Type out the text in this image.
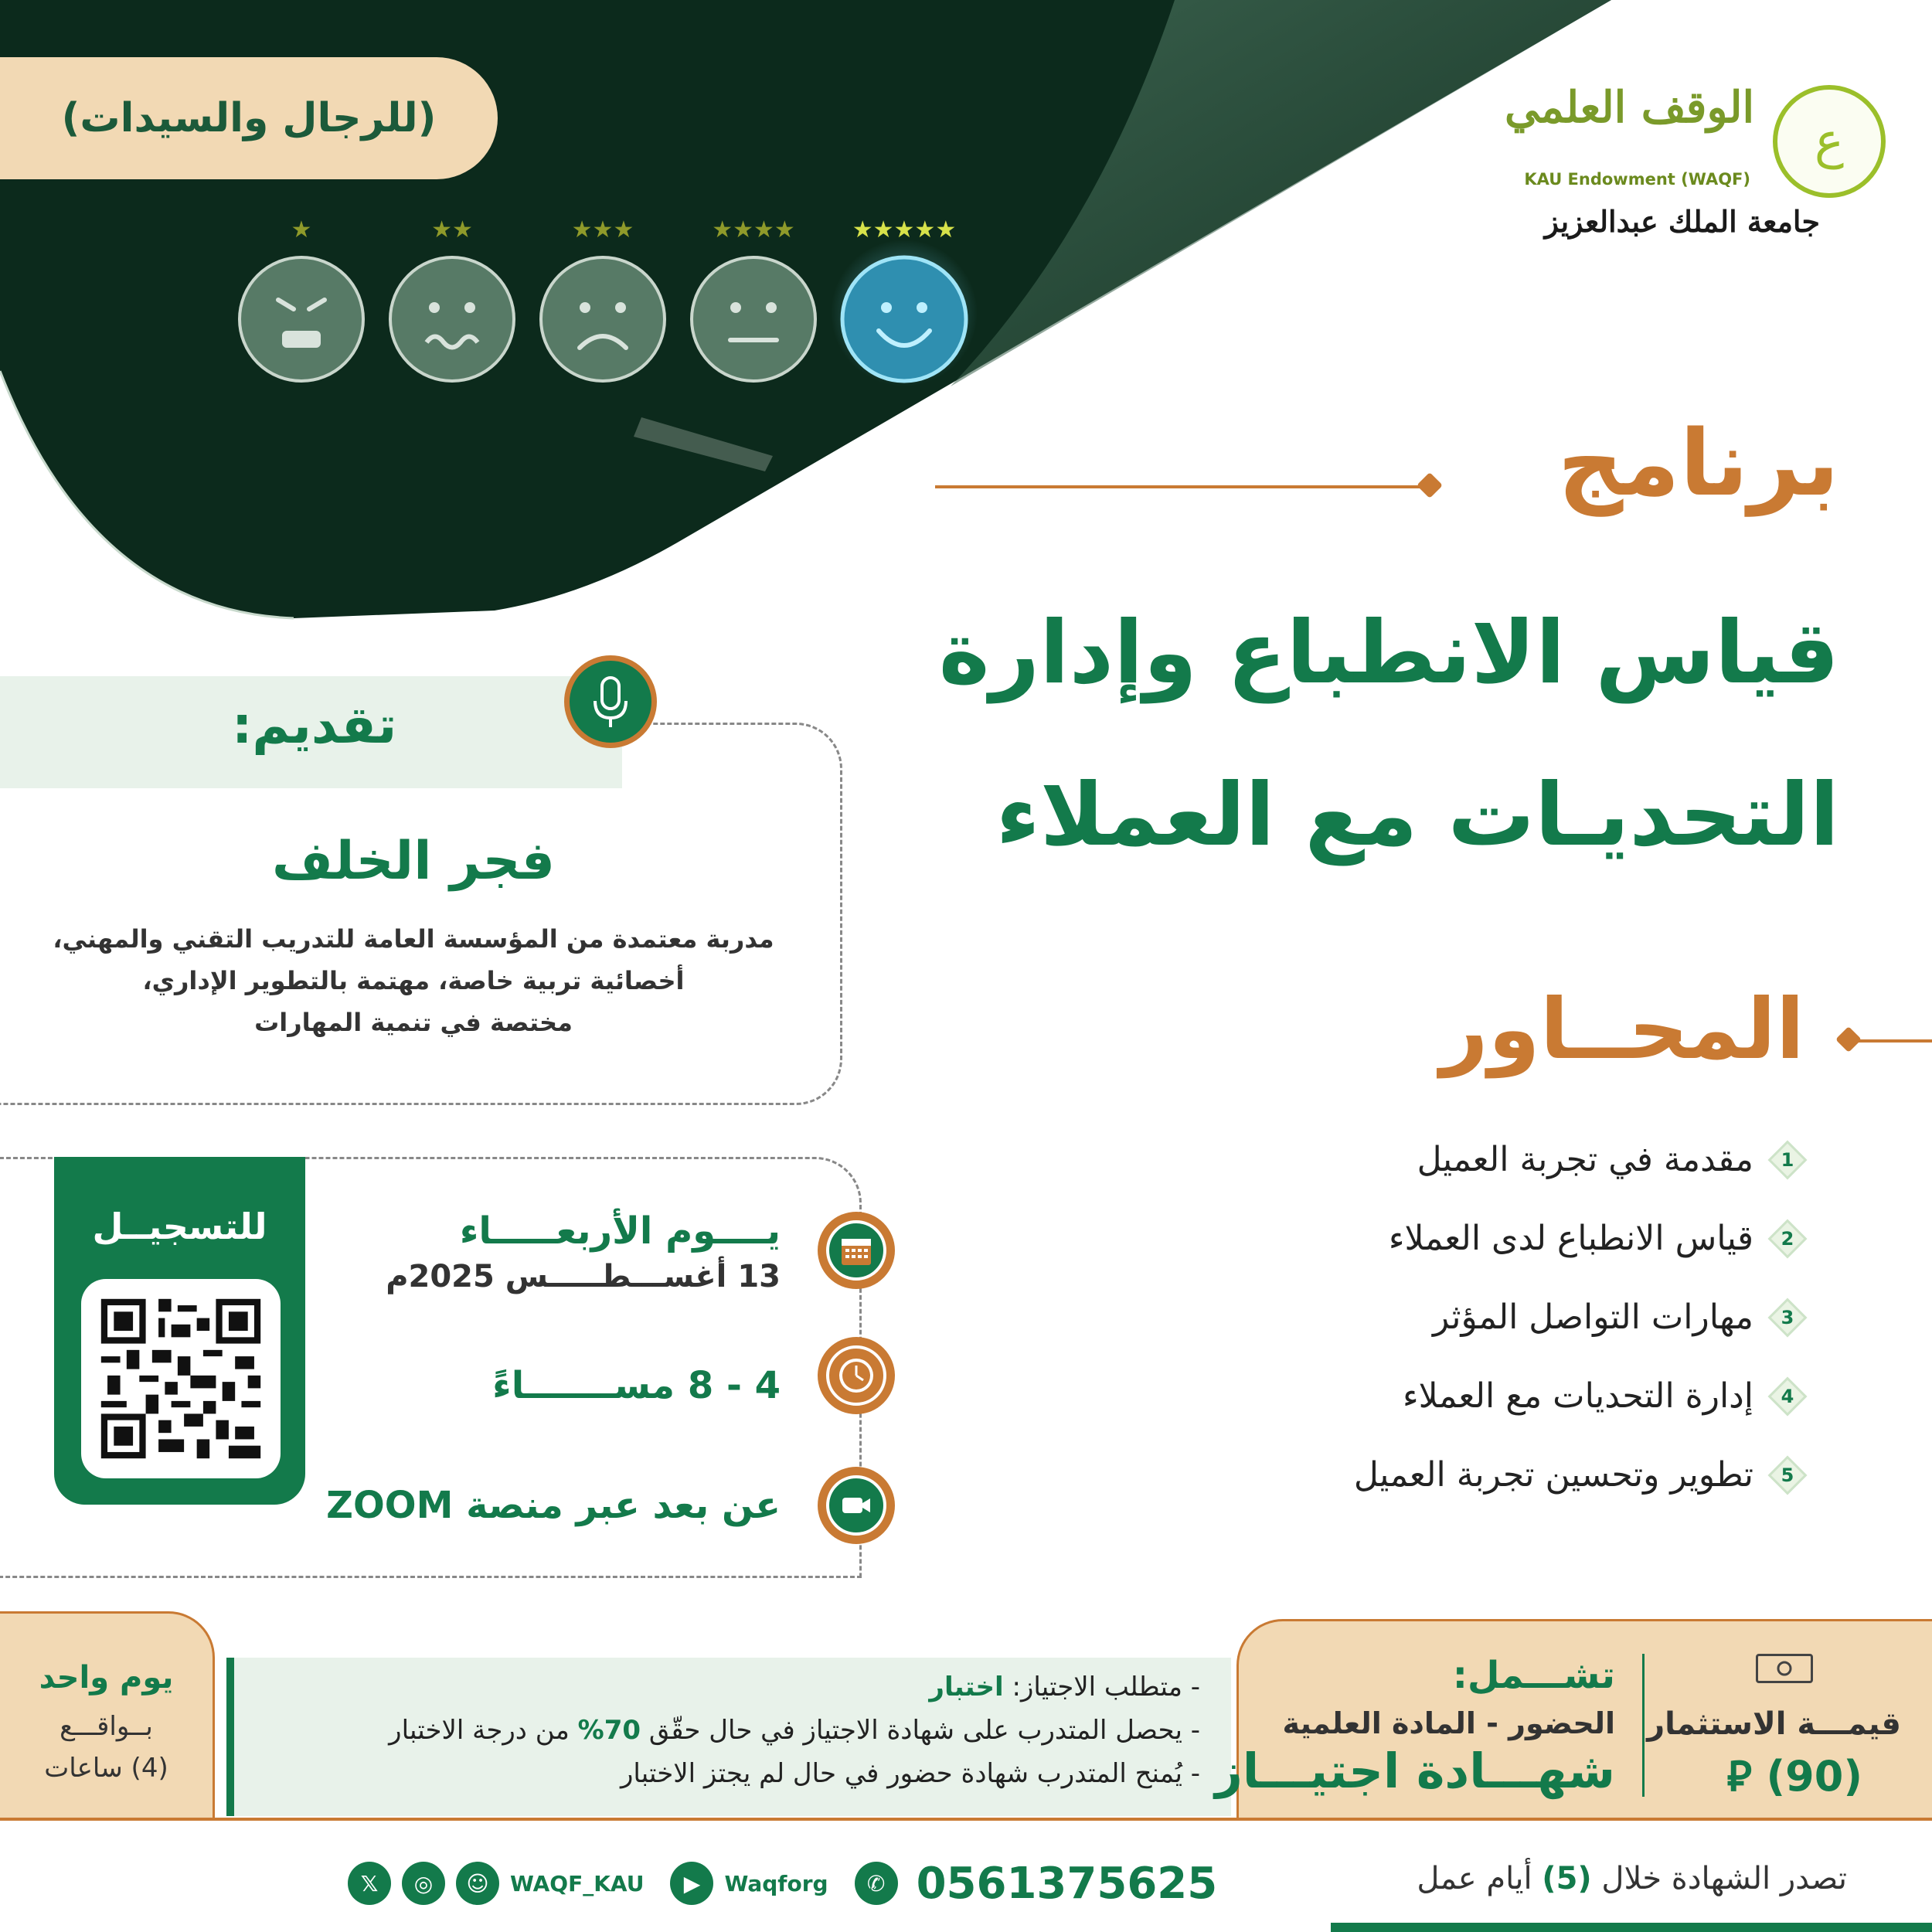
(للرجال والسيدات)
★	★★	★★★	★★★★	★★★★★
الوقف العلمي
KAU Endowment (WAQF)
جامعة الملك عبدالعزيز
ع
برنامج
قياس الانطباع وإدارة
التحديـات مع العملاء
المحــاور
1
مقدمة في تجربة العميل
2
قياس الانطباع لدى العملاء
3
مهارات التواصل المؤثر
4
إدارة التحديات مع العملاء
5
تطوير وتحسين تجربة العميل
تقديم:
فجر الخلف
مدربة معتمدة من المؤسسة العامة للتدريب التقني والمهني،
أخصائية تربية خاصة، مهتمة بالتطوير الإداري،
مختصة في تنمية المهارات
للتسجيــل	يــــوم الأربعـــــاء
13 أغســـطـــــس 2025م
4 - 8 مســـــــاءً
عن بعد عبر منصة ZOOM
يوم واحد
بــواقـــع
(4) ساعات
- متطلب الاجتياز: اختبار
- يحصل المتدرب على شهادة الاجتياز في حال حقّق 70% من درجة الاختبار
- يُمنح المتدرب شهادة حضور في حال لم يجتز الاختبار
قيمـــة الاستثمار
(90) ⃁
تشـــمل:
الحضور - المادة العلمية
شهـــادة اجتيـــاز
تصدر الشهادة خلال (5) أيام عمل
𝕏	◎	☺ WAQF_KAU	▶	Waqforg	✆ 0561375625
